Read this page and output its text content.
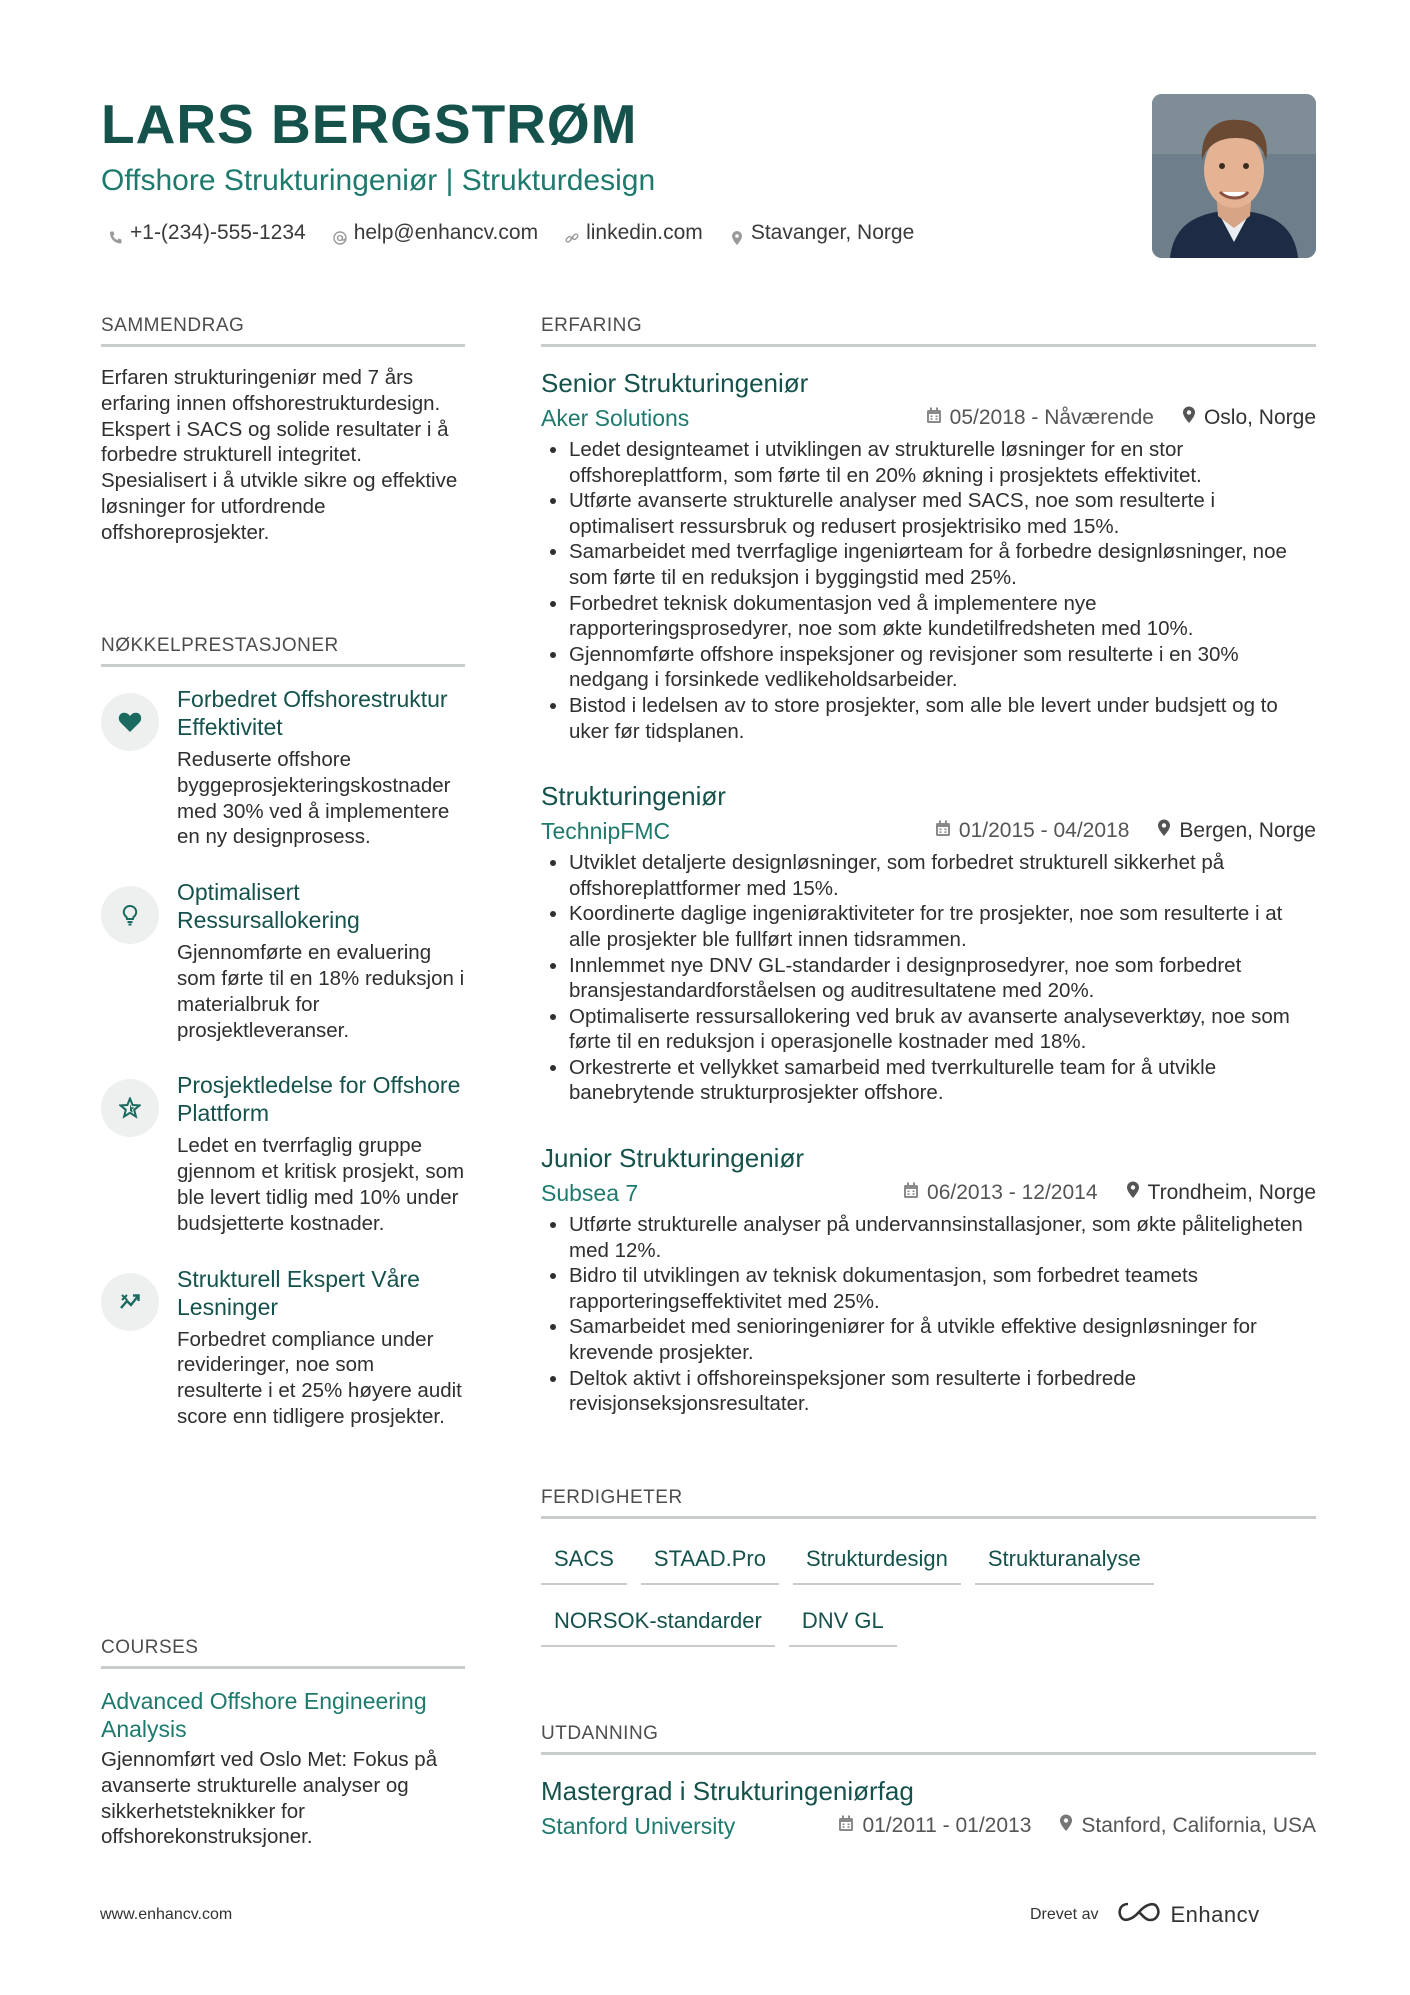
LARS BERGSTRØM
Offshore Strukturingeniør | Strukturdesign
+1-(234)-555-1234 help@enhancv.com linkedin.com Stavanger, Norge
SAMMENDRAG
Erfaren strukturingeniør med 7 års erfaring innen offshorestrukturdesign. Ekspert i SACS og solide resultater i å forbedre strukturell integritet. Spesialisert i å utvikle sikre og effektive løsninger for utfordrende offshoreprosjekter.
NØKKELPRESTASJONER
Forbedret Offshorestruktur Effektivitet
Reduserte offshore byggeprosjekteringskostnader med 30% ved å implementere en ny designprosess.
Optimalisert Ressursallokering
Gjennomførte en evaluering som førte til en 18% reduksjon i materialbruk for prosjektleveranser.
Prosjektledelse for Offshore Plattform
Ledet en tverrfaglig gruppe gjennom et kritisk prosjekt, som ble levert tidlig med 10% under budsjetterte kostnader.
Strukturell Ekspert Våre Lesninger
Forbedret compliance under revideringer, noe som resulterte i et 25% høyere audit score enn tidligere prosjekter.
COURSES
Advanced Offshore Engineering Analysis
Gjennomført ved Oslo Met: Fokus på avanserte strukturelle analyser og sikkerhetsteknikker for offshorekonstruksjoner.
ERFARING
Senior Strukturingeniør
Aker Solutions	05/2018 - Nåværende Oslo, Norge
• Ledet designteamet i utviklingen av strukturelle løsninger for en stor offshoreplattform, som førte til en 20% økning i prosjektets effektivitet.
• Utførte avanserte strukturelle analyser med SACS, noe som resulterte i optimalisert ressursbruk og redusert prosjektrisiko med 15%.
• Samarbeidet med tverrfaglige ingeniørteam for å forbedre designløsninger, noe som førte til en reduksjon i byggingstid med 25%.
• Forbedret teknisk dokumentasjon ved å implementere nye rapporteringsprosedyrer, noe som økte kundetilfredsheten med 10%.
• Gjennomførte offshore inspeksjoner og revisjoner som resulterte i en 30% nedgang i forsinkede vedlikeholdsarbeider.
• Bistod i ledelsen av to store prosjekter, som alle ble levert under budsjett og to uker før tidsplanen.
Strukturingeniør
TechnipFMC	01/2015 - 04/2018 Bergen, Norge
• Utviklet detaljerte designløsninger, som forbedret strukturell sikkerhet på offshoreplattformer med 15%.
• Koordinerte daglige ingeniøraktiviteter for tre prosjekter, noe som resulterte i at alle prosjekter ble fullført innen tidsrammen.
• Innlemmet nye DNV GL-standarder i designprosedyrer, noe som forbedret bransjestandardforståelsen og auditresultatene med 20%.
• Optimaliserte ressursallokering ved bruk av avanserte analyseverktøy, noe som førte til en reduksjon i operasjonelle kostnader med 18%.
• Orkestrerte et vellykket samarbeid med tverrkulturelle team for å utvikle banebrytende strukturprosjekter offshore.
Junior Strukturingeniør
Subsea 7	06/2013 - 12/2014 Trondheim, Norge
• Utførte strukturelle analyser på undervannsinstallasjoner, som økte påliteligheten med 12%.
• Bidro til utviklingen av teknisk dokumentasjon, som forbedret teamets rapporteringseffektivitet med 25%.
• Samarbeidet med senioringeniører for å utvikle effektive designløsninger for krevende prosjekter.
• Deltok aktivt i offshoreinspeksjoner som resulterte i forbedrede revisjonseksjonsresultater.
FERDIGHETER
SACS	STAAD.Pro	Strukturdesign	Strukturanalyse
NORSOK-standarder	DNV GL
UTDANNING
Mastergrad i Strukturingeniørfag
Stanford University	01/2011 - 01/2013 Stanford, California, USA
www.enhancv.com	Drevet av	Enhancv
